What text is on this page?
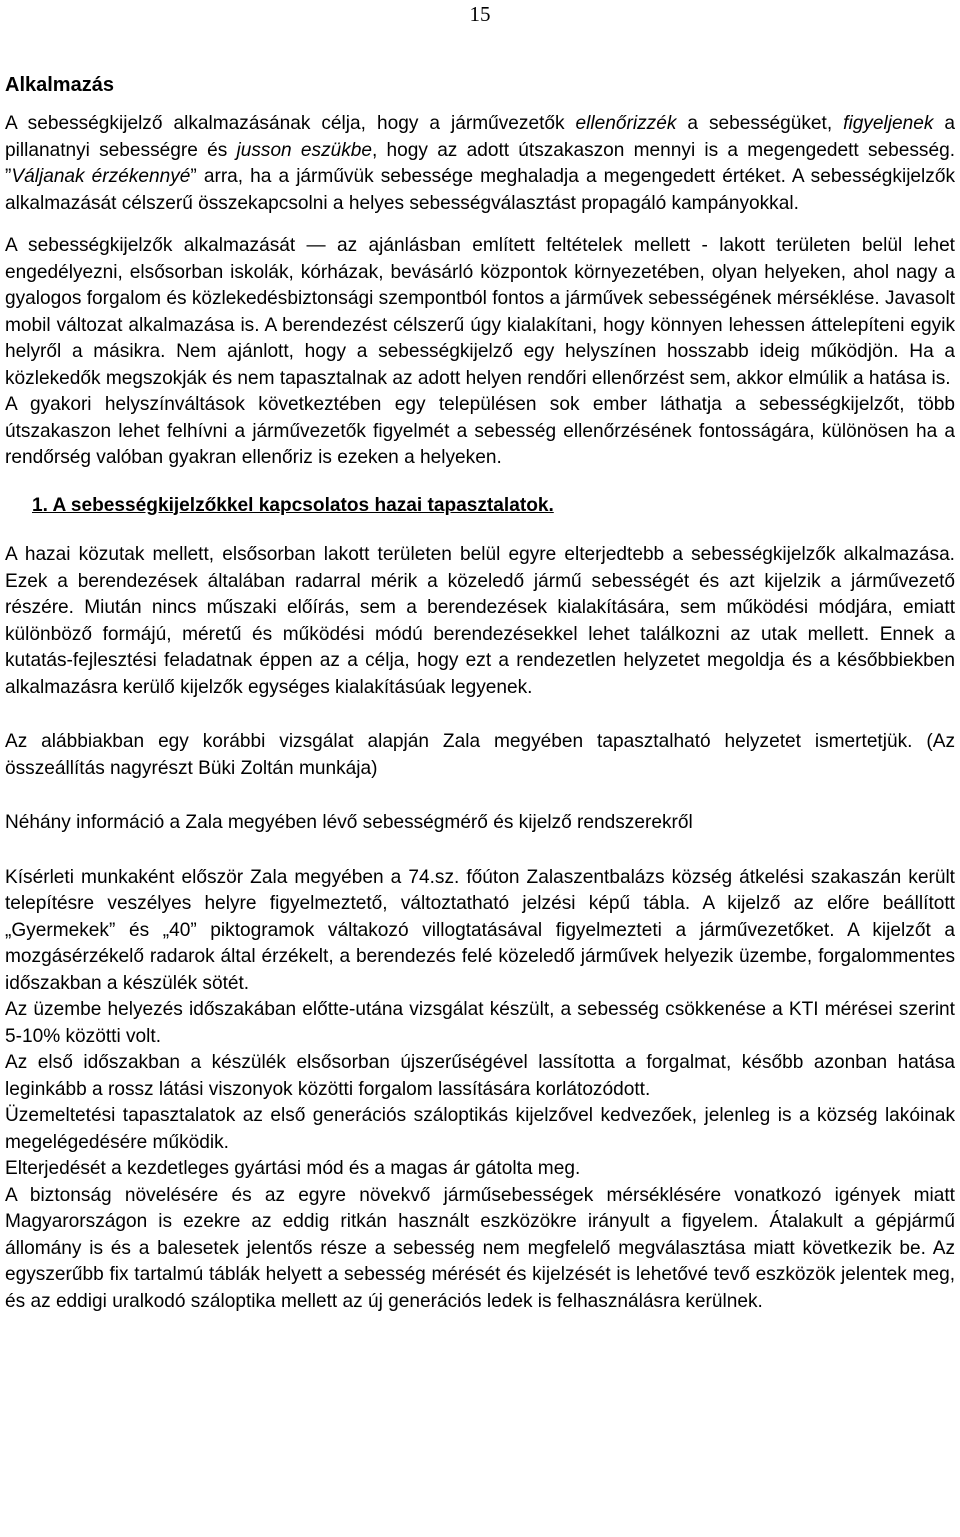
15
Alkalmazás

A sebességkijelző alkalmazásának célja, hogy a járművezetők ellenőrizzék a sebességüket, figyeljenek a pillanatnyi sebességre és jusson eszükbe, hogy az adott útszakaszon mennyi is a megengedett sebesség. ”Váljanak érzékennyé” arra, ha a járművük sebessége meghaladja a megengedett értéket. A sebességkijelzők alkalmazását célszerű összekapcsolni a helyes sebességválasztást propagáló kampányokkal.

A sebességkijelzők alkalmazását ― az ajánlásban említett feltételek mellett - lakott területen belül lehet engedélyezni, elsősorban iskolák, kórházak, bevásárló központok környezetében, olyan helyeken, ahol nagy a gyalogos forgalom és közlekedésbiztonsági szempontból fontos a járművek sebességének mérséklése. Javasolt mobil változat alkalmazása is. A berendezést célszerű úgy kialakítani, hogy könnyen lehessen áttelepíteni egyik helyről a másikra. Nem ajánlott, hogy a sebességkijelző egy helyszínen hosszabb ideig működjön. Ha a közlekedők megszokják és nem tapasztalnak az adott helyen rendőri ellenőrzést sem, akkor elmúlik a hatása is.

A gyakori helyszínváltások következtében egy településen sok ember láthatja a sebességkijelzőt, több útszakaszon lehet felhívni a járművezetők figyelmét a sebesség ellenőrzésének fontosságára, különösen ha a rendőrség valóban gyakran ellenőriz is ezeken a helyeken.

1. A sebességkijelzőkkel kapcsolatos hazai tapasztalatok.

A hazai közutak mellett, elsősorban lakott területen belül egyre elterjedtebb a sebességkijelzők alkalmazása. Ezek a berendezések általában radarral mérik a közeledő jármű sebességét és azt kijelzik a járművezető részére. Miután nincs műszaki előírás, sem a berendezések kialakítására, sem működési módjára, emiatt különböző formájú, méretű és működési módú berendezésekkel lehet találkozni az utak mellett. Ennek a kutatás-fejlesztési feladatnak éppen az a célja, hogy ezt a rendezetlen helyzetet megoldja és a későbbiekben alkalmazásra kerülő kijelzők egységes kialakításúak legyenek.

Az alábbiakban egy korábbi vizsgálat alapján Zala megyében tapasztalható helyzetet ismertetjük. (Az összeállítás nagyrészt Büki Zoltán munkája)

Néhány információ a Zala megyében lévő sebességmérő és kijelző rendszerekről

Kísérleti munkaként először Zala megyében a 74.sz. főúton Zalaszentbalázs község átkelési szakaszán került telepítésre veszélyes helyre figyelmeztető, változtatható jelzési képű tábla. A kijelző az előre beállított „Gyermekek” és „40” piktogramok váltakozó villogtatásával figyelmezteti a járművezetőket. A kijelzőt a mozgásérzékelő radarok által érzékelt, a berendezés felé közeledő járművek helyezik üzembe, forgalommentes időszakban a készülék sötét.

Az üzembe helyezés időszakában előtte-utána vizsgálat készült, a sebesség csökkenése a KTI mérései szerint 5-10% közötti volt.

Az első időszakban a készülék elsősorban újszerűségével lassította a forgalmat, később azonban hatása leginkább a rossz látási viszonyok közötti forgalom lassítására korlátozódott.

Üzemeltetési tapasztalatok az első generációs száloptikás kijelzővel kedvezőek, jelenleg is a község lakóinak megelégedésére működik.

Elterjedését a kezdetleges gyártási mód és a magas ár gátolta meg.

A biztonság növelésére és az egyre növekvő járműsebességek mérséklésére vonatkozó igények miatt Magyarországon is ezekre az eddig ritkán használt eszközökre irányult a figyelem. Átalakult a gépjármű állomány is és a balesetek jelentős része a sebesség nem megfelelő megválasztása miatt következik be. Az egyszerűbb fix tartalmú táblák helyett a sebesség mérését és kijelzését is lehetővé tevő eszközök jelentek meg, és az eddigi uralkodó száloptika mellett az új generációs ledek is felhasználásra kerülnek.
